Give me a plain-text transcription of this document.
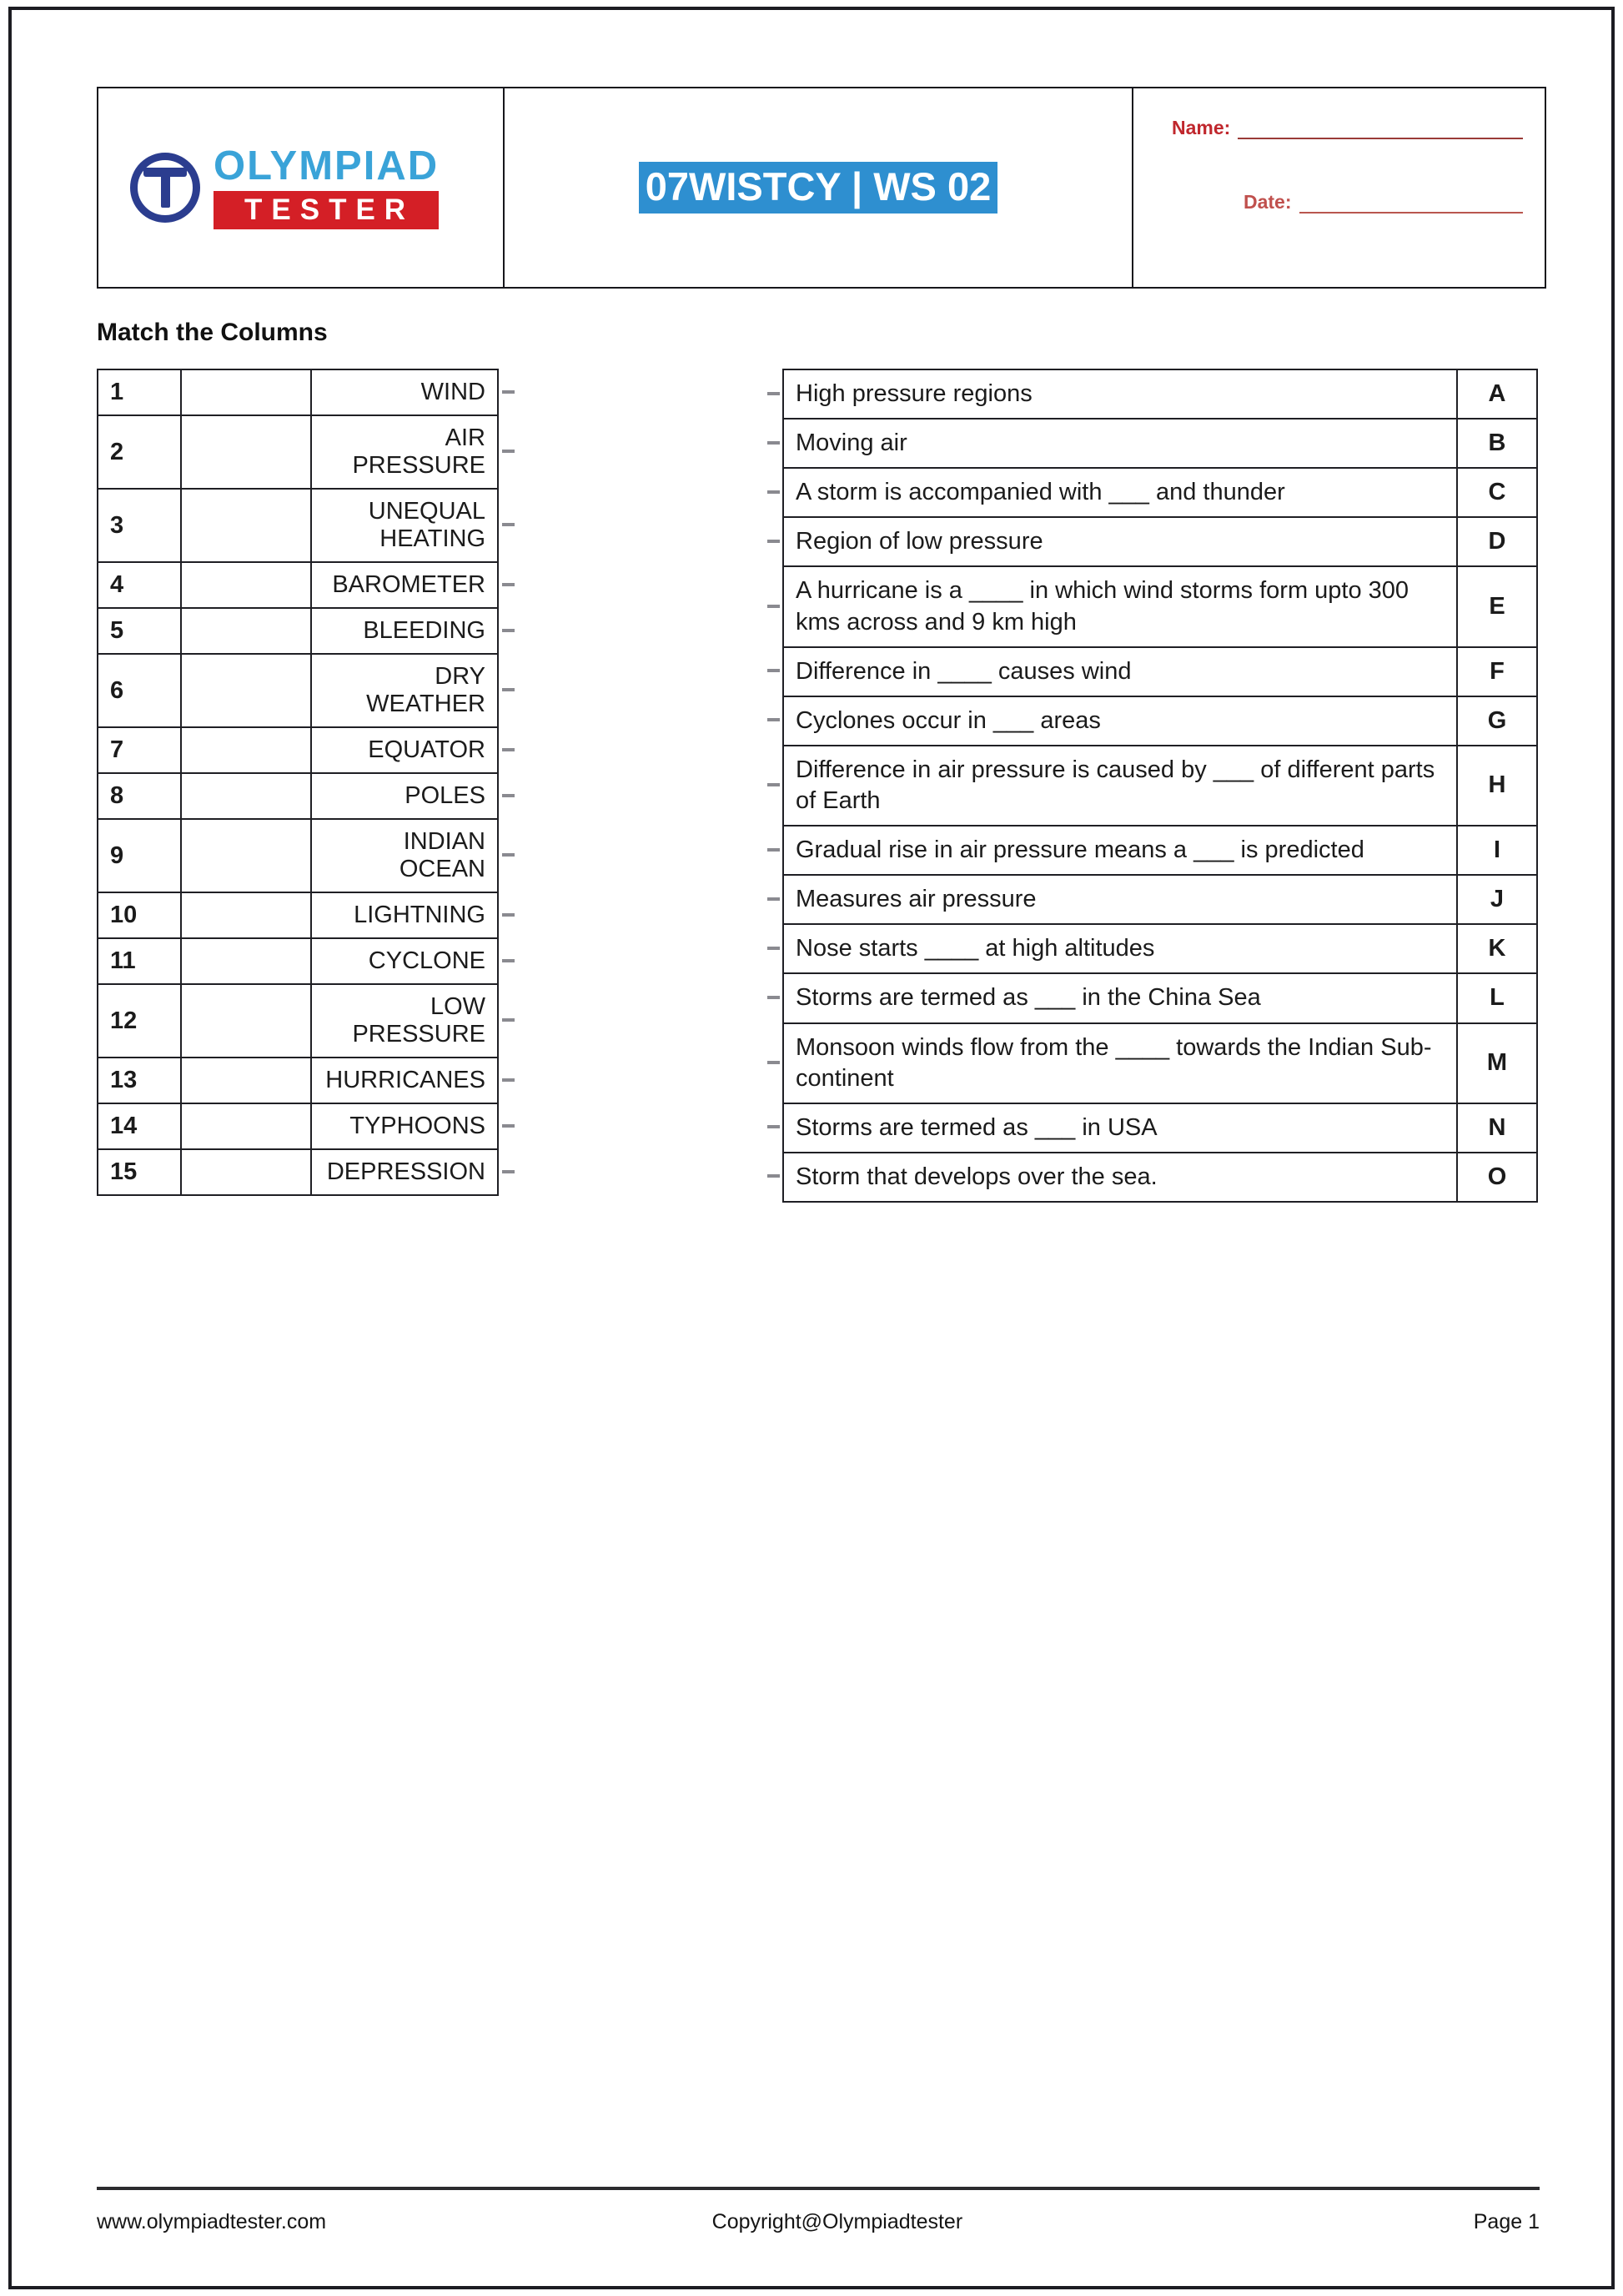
OLYMPIAD
TESTER
	07WISTCY | WS 02	
Name:
Date:
Match the Columns
1		WIND
2		AIR PRESSURE
3		UNEQUAL HEATING
4		BAROMETER
5		BLEEDING
6		DRY WEATHER
7		EQUATOR
8		POLES
9		INDIAN OCEAN
10		LIGHTNING
11		CYCLONE
12		LOW PRESSURE
13		HURRICANES
14		TYPHOONS
15		DEPRESSION
High pressure regions	A
Moving air	B
A storm is accompanied with ___ and thunder	C
Region of low pressure	D
A hurricane is a ____ in which wind storms form upto 300 kms across and 9 km high	E
Difference in ____ causes wind	F
Cyclones occur in ___ areas	G
Difference in air pressure is caused by ___ of different parts of Earth	H
Gradual rise in air pressure means a ___ is predicted	I
Measures air pressure	J
Nose starts ____ at high altitudes	K
Storms are termed as ___ in the China Sea	L
Monsoon winds flow from the ____ towards the Indian Sub-continent	M
Storms are termed as ___ in USA	N
Storm that develops over the sea.	O
www.olympiadtester.com	Copyright@Olympiadtester	Page 1
